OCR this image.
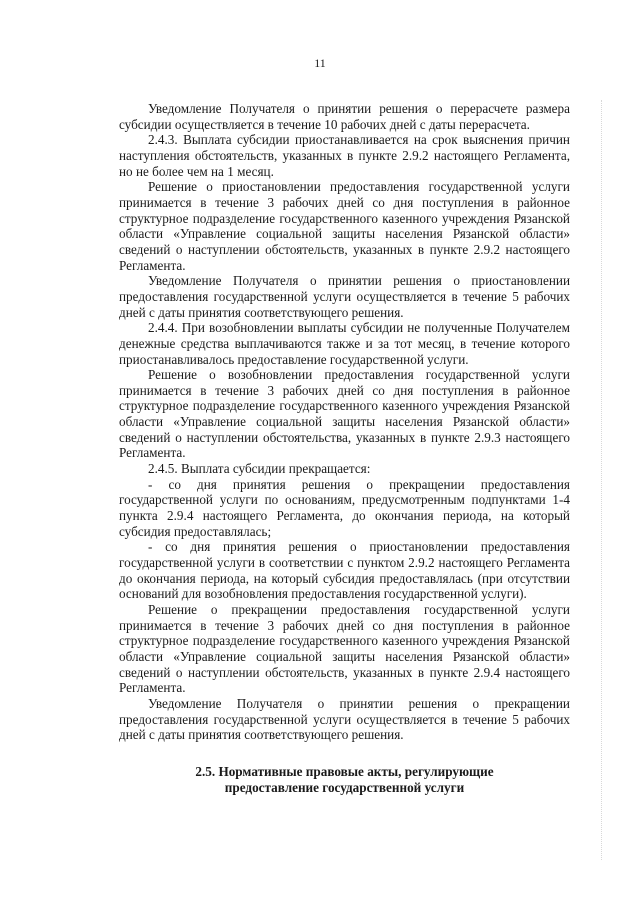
11

Уведомление Получателя о принятии решения о перерасчете размера субсидии осуществляется в течение 10 рабочих дней с даты перерасчета.

2.4.3. Выплата субсидии приостанавливается на срок выяснения причин наступления обстоятельств, указанных в пункте 2.9.2 настоящего Регламента, но не более чем на 1 месяц.

Решение о приостановлении предоставления государственной услуги принимается в течение 3 рабочих дней со дня поступления в районное структурное подразделение государственного казенного учреждения Рязанской области «Управление социальной защиты населения Рязанской области» сведений о наступлении обстоятельств, указанных в пункте 2.9.2 настоящего Регламента.

Уведомление Получателя о принятии решения о приостановлении предоставления государственной услуги осуществляется в течение 5 рабочих дней с даты принятия соответствующего решения.

2.4.4. При возобновлении выплаты субсидии не полученные Получателем денежные средства выплачиваются также и за тот месяц, в течение которого приостанавливалось предоставление государственной услуги.

Решение о возобновлении предоставления государственной услуги принимается в течение 3 рабочих дней со дня поступления в районное структурное подразделение государственного казенного учреждения Рязанской области «Управление социальной защиты населения Рязанской области» сведений о наступлении обстоятельства, указанных в пункте 2.9.3 настоящего Регламента.

2.4.5. Выплата субсидии прекращается:

- со дня принятия решения о прекращении предоставления государственной услуги по основаниям, предусмотренным подпунктами 1-4 пункта 2.9.4 настоящего Регламента, до окончания периода, на который субсидия предоставлялась;

- со дня принятия решения о приостановлении предоставления государственной услуги в соответствии с пунктом 2.9.2 настоящего Регламента до окончания периода, на который субсидия предоставлялась (при отсутствии оснований для возобновления предоставления государственной услуги).

Решение о прекращении предоставления государственной услуги принимается в течение 3 рабочих дней со дня поступления в районное структурное подразделение государственного казенного учреждения Рязанской области «Управление социальной защиты населения Рязанской области» сведений о наступлении обстоятельств, указанных в пункте 2.9.4 настоящего Регламента.

Уведомление Получателя о принятии решения о прекращении предоставления государственной услуги осуществляется в течение 5 рабочих дней с даты принятия соответствующего решения.

2.5. Нормативные правовые акты, регулирующие
предоставление государственной услуги
